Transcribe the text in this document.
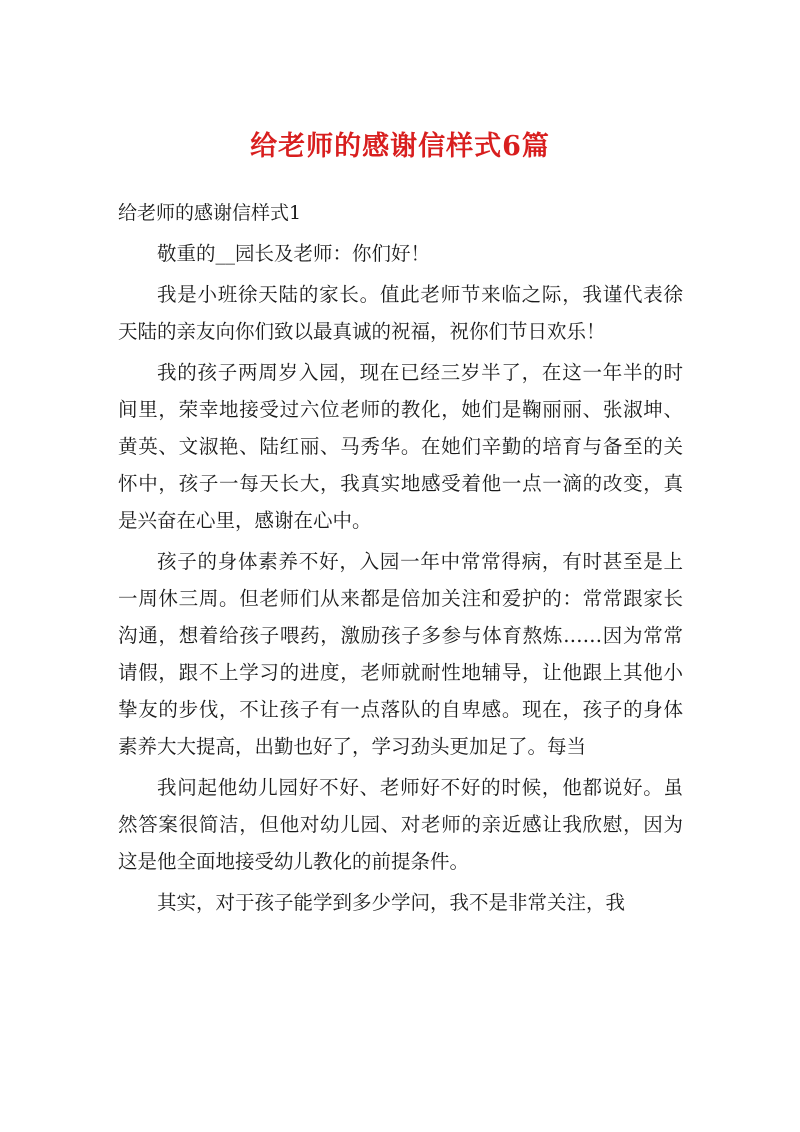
给老师的感谢信样式6篇

给老师的感谢信样式1

敬重的__园长及老师：你们好！

我是小班徐天陆的家长。值此老师节来临之际，我谨代表徐天陆的亲友向你们致以最真诚的祝福，祝你们节日欢乐！

我的孩子两周岁入园，现在已经三岁半了，在这一年半的时间里，荣幸地接受过六位老师的教化，她们是鞠丽丽、张淑坤、黄英、文淑艳、陆红丽、马秀华。在她们辛勤的培育与备至的关怀中，孩子一每天长大，我真实地感受着他一点一滴的改变，真是兴奋在心里，感谢在心中。

孩子的身体素养不好，入园一年中常常得病，有时甚至是上一周休三周。但老师们从来都是倍加关注和爱护的：常常跟家长沟通，想着给孩子喂药，激励孩子多参与体育熬炼……因为常常请假，跟不上学习的进度，老师就耐性地辅导，让他跟上其他小挚友的步伐，不让孩子有一点落队的自卑感。现在，孩子的身体素养大大提高，出勤也好了，学习劲头更加足了。每当

我问起他幼儿园好不好、老师好不好的时候，他都说好。虽然答案很简洁，但他对幼儿园、对老师的亲近感让我欣慰，因为这是他全面地接受幼儿教化的前提条件。

其实，对于孩子能学到多少学问，我不是非常关注，我
